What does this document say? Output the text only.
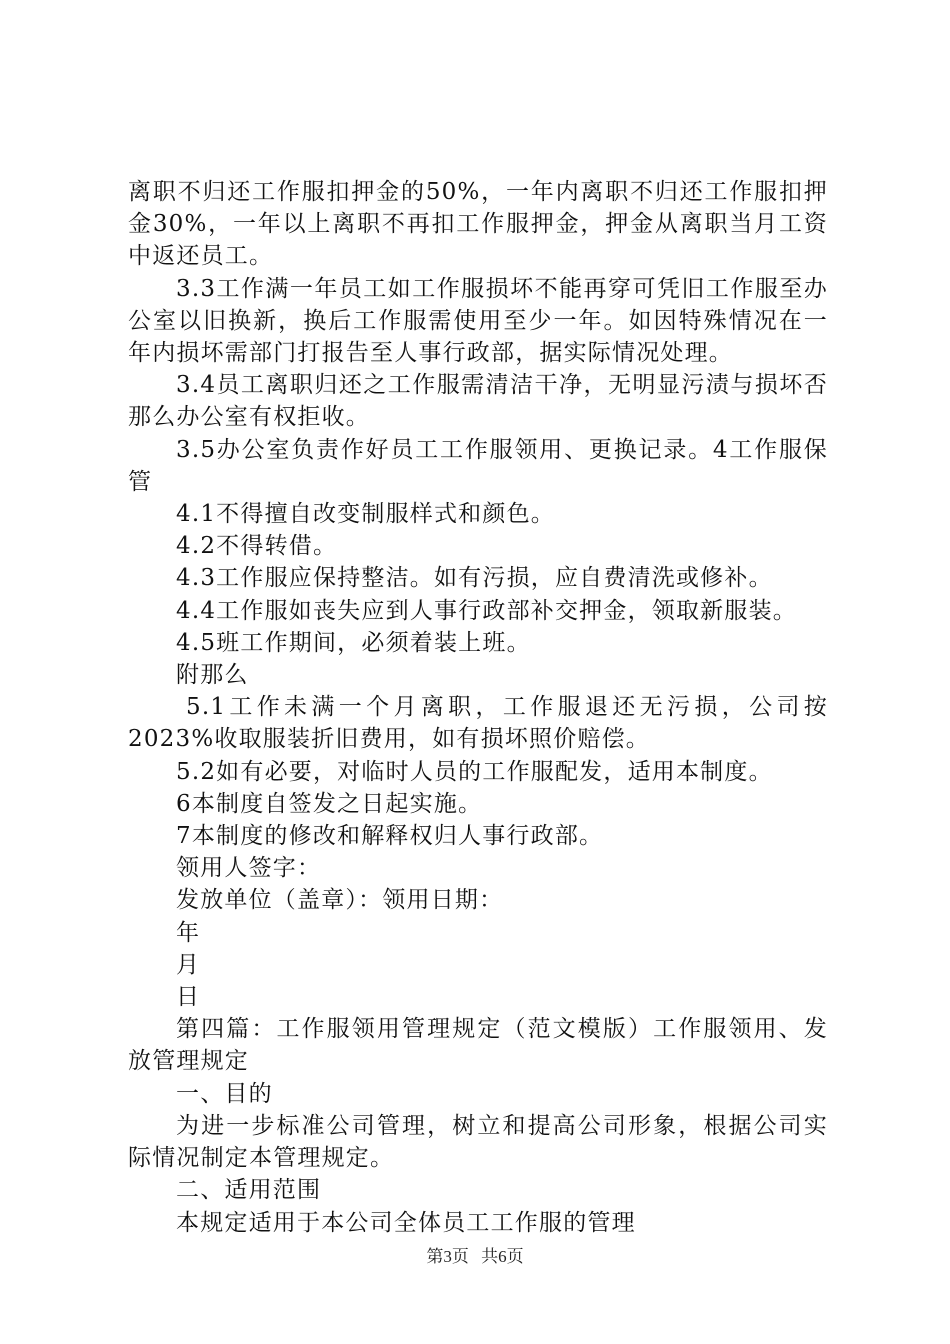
离职不归还工作服扣押金的50%，一年内离职不归还工作服扣押金30%，一年以上离职不再扣工作服押金，押金从离职当月工资中返还员工。

3.3工作满一年员工如工作服损坏不能再穿可凭旧工作服至办公室以旧换新，换后工作服需使用至少一年。如因特殊情况在一年内损坏需部门打报告至人事行政部，据实际情况处理。

3.4员工离职归还之工作服需清洁干净，无明显污渍与损坏否那么办公室有权拒收。

3.5办公室负责作好员工工作服领用、更换记录。4工作服保管

4.1不得擅自改变制服样式和颜色。

4.2不得转借。

4.3工作服应保持整洁。如有污损，应自费清洗或修补。

4.4工作服如丧失应到人事行政部补交押金，领取新服装。

4.5班工作期间，必须着装上班。

附那么

5.1工作未满一个月离职，工作服退还无污损，公司按2023%收取服装折旧费用，如有损坏照价赔偿。

5.2如有必要，对临时人员的工作服配发，适用本制度。

6本制度自签发之日起实施。

7本制度的修改和解释权归人事行政部。

领用人签字：

发放单位（盖章）：领用日期：

年

月

日

第四篇：工作服领用管理规定（范文模版）工作服领用、发放管理规定

一、目的

为进一步标准公司管理，树立和提高公司形象，根据公司实际情况制定本管理规定。

二、适用范围

本规定适用于本公司全体员工工作服的管理

第3页 共6页
